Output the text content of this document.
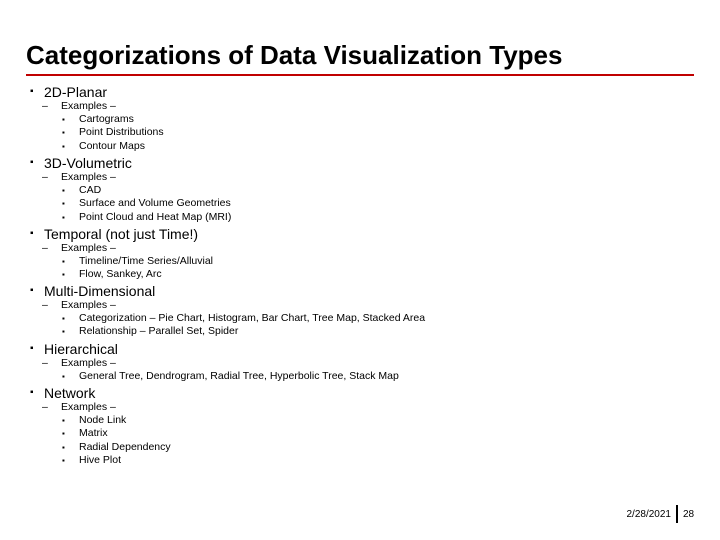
Categorizations of Data Visualization Types
▪ 2D-Planar
– Examples –
▪ Cartograms
▪ Point Distributions
▪ Contour Maps
▪ 3D-Volumetric
– Examples –
▪ CAD
▪ Surface and Volume Geometries
▪ Point Cloud and Heat Map (MRI)
▪ Temporal (not just Time!)
– Examples –
▪ Timeline/Time Series/Alluvial
▪ Flow, Sankey, Arc
▪ Multi-Dimensional
– Examples –
▪ Categorization – Pie Chart, Histogram, Bar Chart, Tree Map, Stacked Area
▪ Relationship – Parallel Set, Spider
▪ Hierarchical
– Examples –
▪ General Tree, Dendrogram, Radial Tree, Hyperbolic Tree, Stack Map
▪ Network
– Examples –
▪ Node Link
▪ Matrix
▪ Radial Dependency
▪ Hive Plot
2/28/2021 28
